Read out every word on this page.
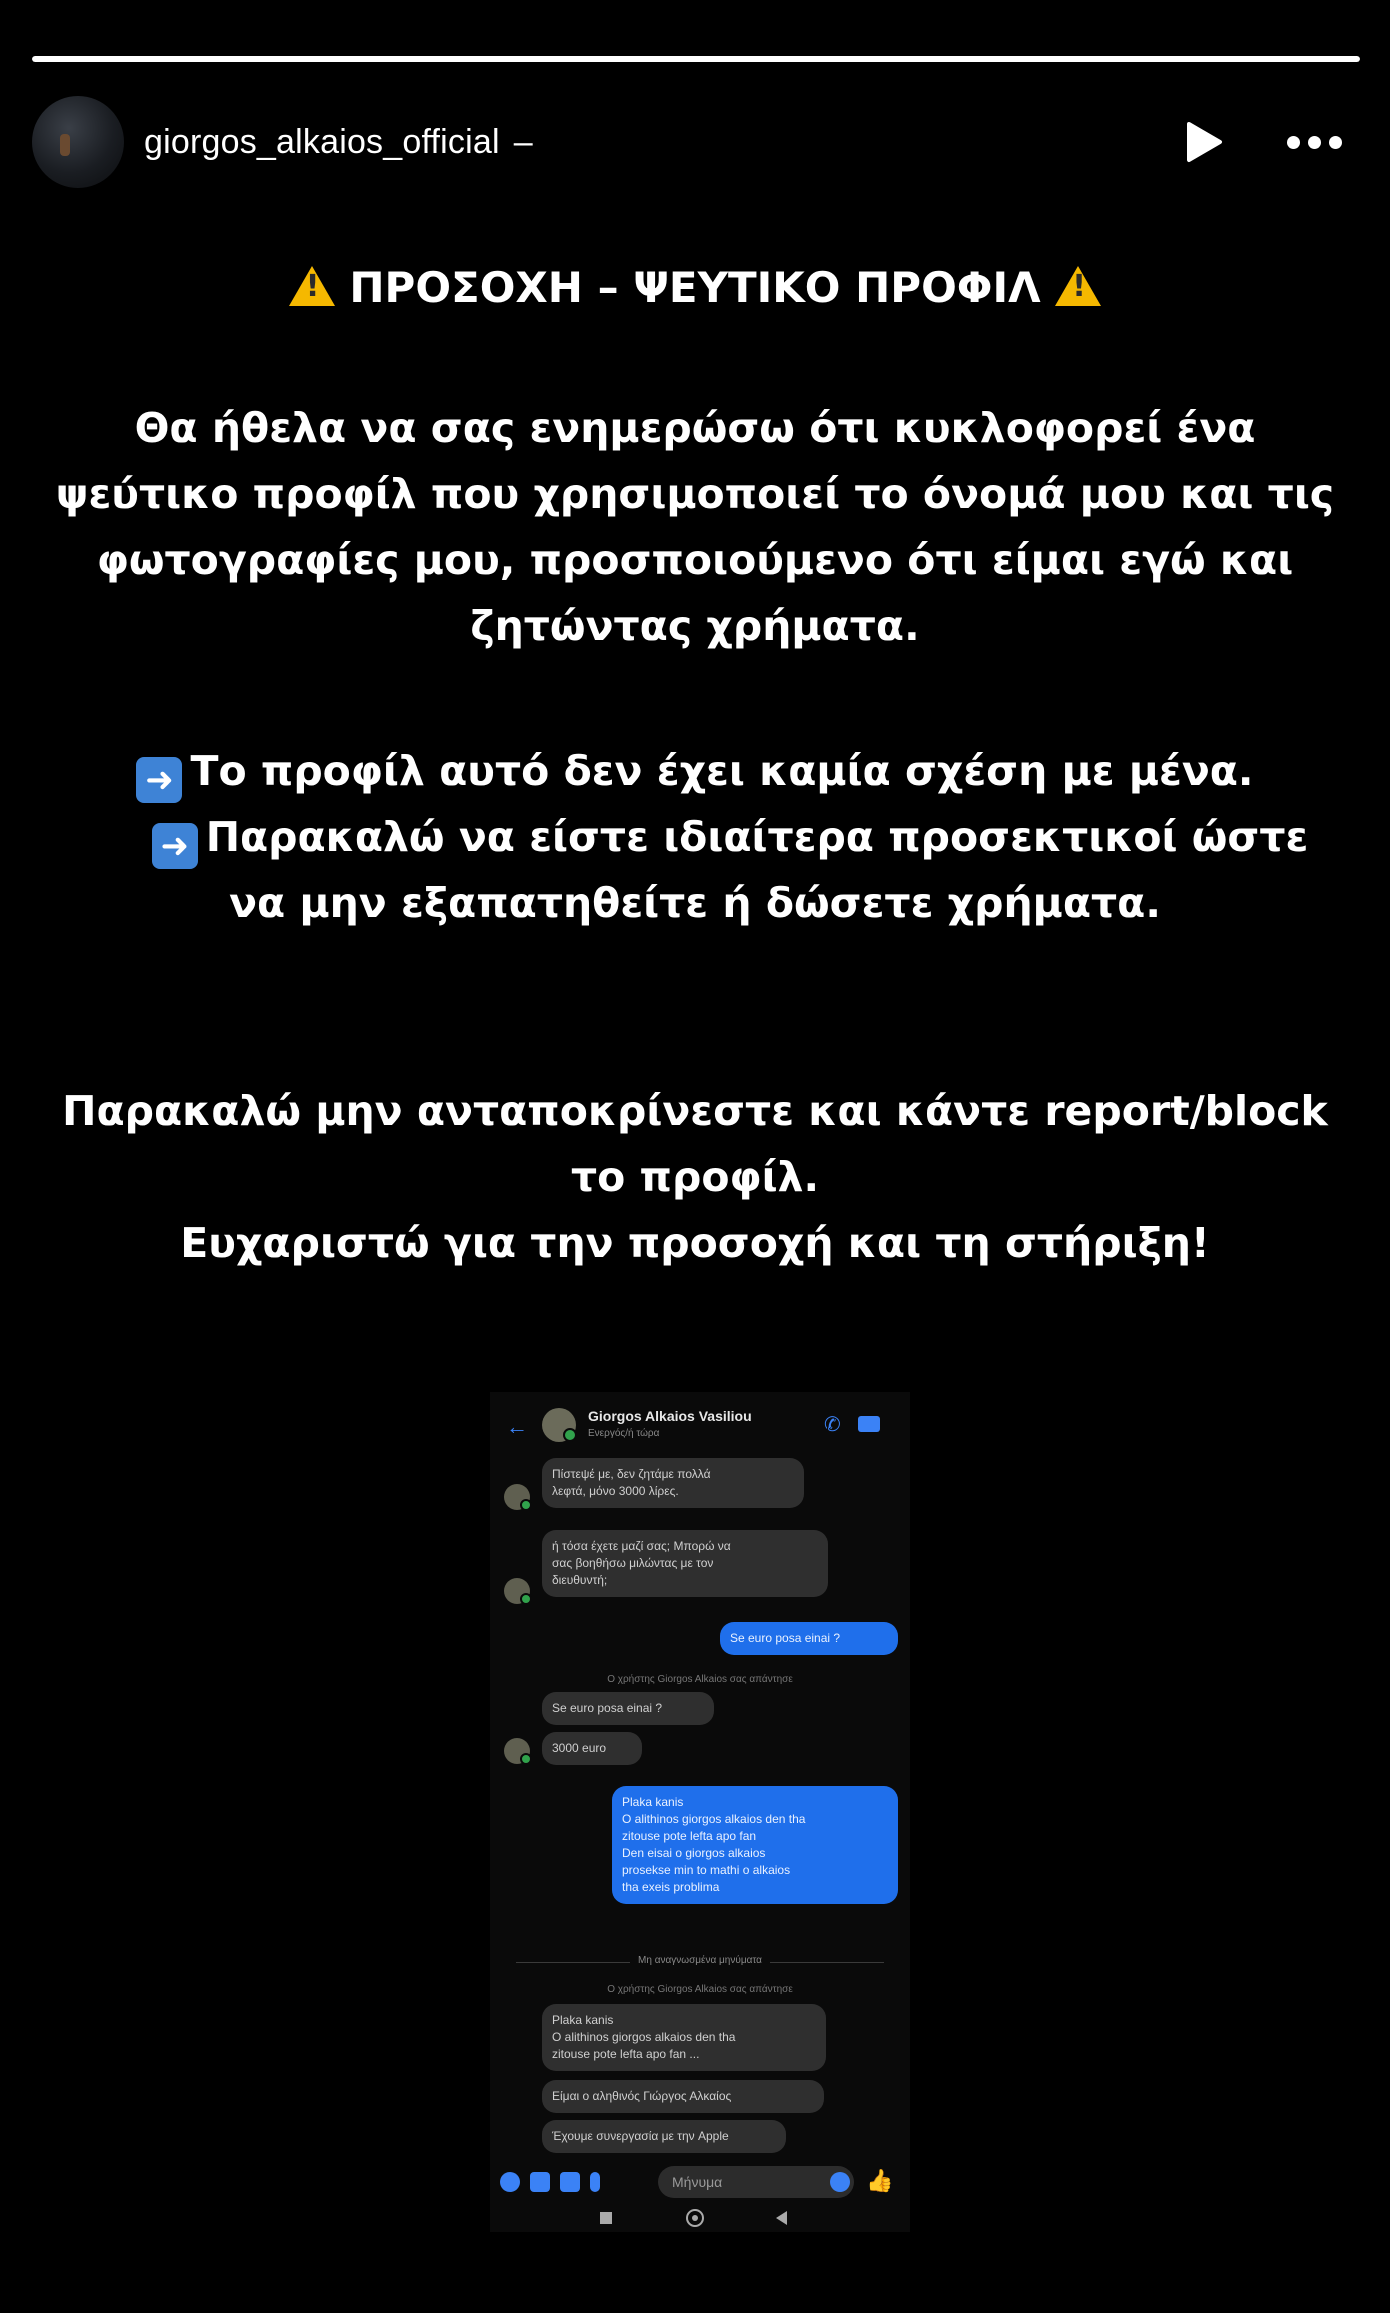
giorgos_alkaios_official –
! ΠΡΟΣΟΧΗ – ΨΕΥΤΙΚΟ ΠΡΟΦΙΛ !
Θα ήθελα να σας ενημερώσω ότι κυκλοφορεί ένα
ψεύτικο προφίλ που χρησιμοποιεί το όνομά μου και τις
φωτογραφίες μου, προσποιούμενο ότι είμαι εγώ και
ζητώντας χρήματα.
➜ Το προφίλ αυτό δεν έχει καμία σχέση με μένα.
➜ Παρακαλώ να είστε ιδιαίτερα προσεκτικοί ώστε
να μην εξαπατηθείτε ή δώσετε χρήματα.
Παρακαλώ μην ανταποκρίνεστε και κάντε report/block
το προφίλ.
Ευχαριστώ για την προσοχή και τη στήριξη!
←	Giorgos Alkaios Vasiliou
Ενεργός/ή τώρα	✆
Πίστεψέ με, δεν ζητάμε πολλά
λεφτά, μόνο 3000 λίρες.
ή τόσα έχετε μαζί σας; Μπορώ να
σας βοηθήσω μιλώντας με τον
διευθυντή;
Se euro posa einai ?
Ο χρήστης Giorgos Alkaios σας απάντησε
Se euro posa einai ?
3000 euro
Plaka kanis
O alithinos giorgos alkaios den tha
zitouse pote lefta apo fan
Den eisai o giorgos alkaios
prosekse min to mathi o alkaios
tha exeis problima
Μη αναγνωσμένα μηνύματα
Ο χρήστης Giorgos Alkaios σας απάντησε
Plaka kanis
O alithinos giorgos alkaios den tha
zitouse pote lefta apo fan ...
Είμαι ο αληθινός Γιώργος Αλκαίος
Έχουμε συνεργασία με την Apple
Μήνυμα	👍
